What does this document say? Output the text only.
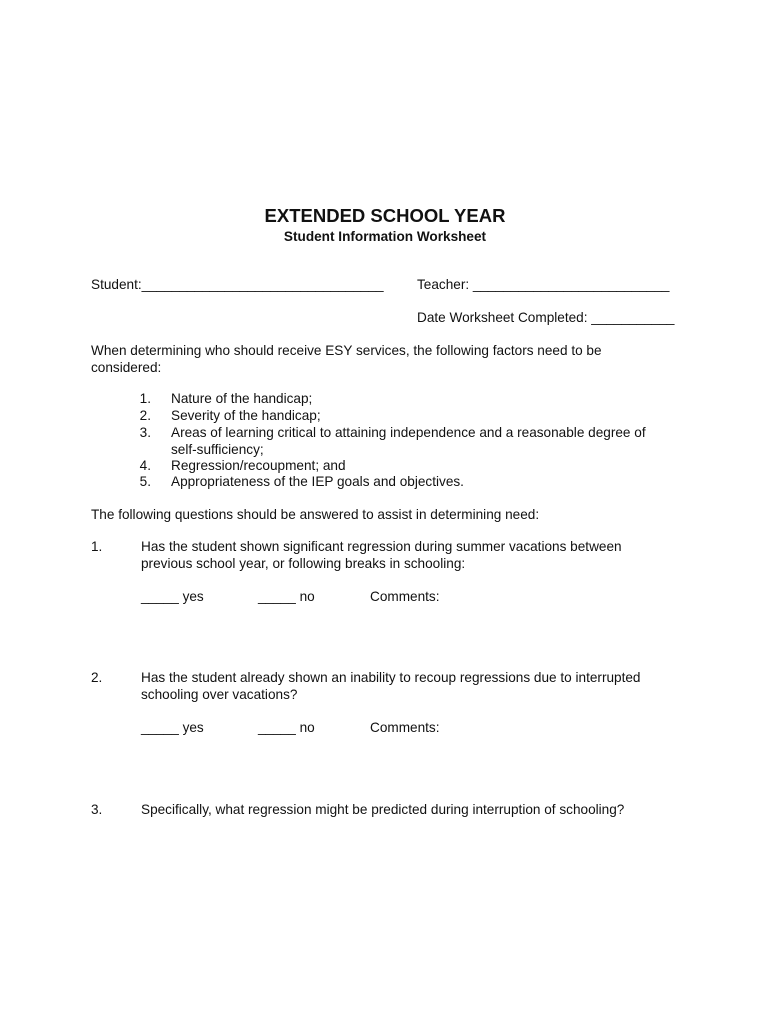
EXTENDED SCHOOL YEAR
Student Information Worksheet
Student:________________________________ Teacher: __________________________
Date Worksheet Completed: ___________
When determining who should receive ESY services, the following factors need to be considered:
1. Nature of the handicap;
2. Severity of the handicap;
3. Areas of learning critical to attaining independence and a reasonable degree of self-sufficiency;
4. Regression/recoupment; and
5. Appropriateness of the IEP goals and objectives.
The following questions should be answered to assist in determining need:
1.	Has the student shown significant regression during summer vacations between previous school year, or following breaks in schooling:
_____ yes	_____ no	Comments:
2.	Has the student already shown an inability to recoup regressions due to interrupted schooling over vacations?
_____ yes	_____ no	Comments:
3.	Specifically, what regression might be predicted during interruption of schooling?
